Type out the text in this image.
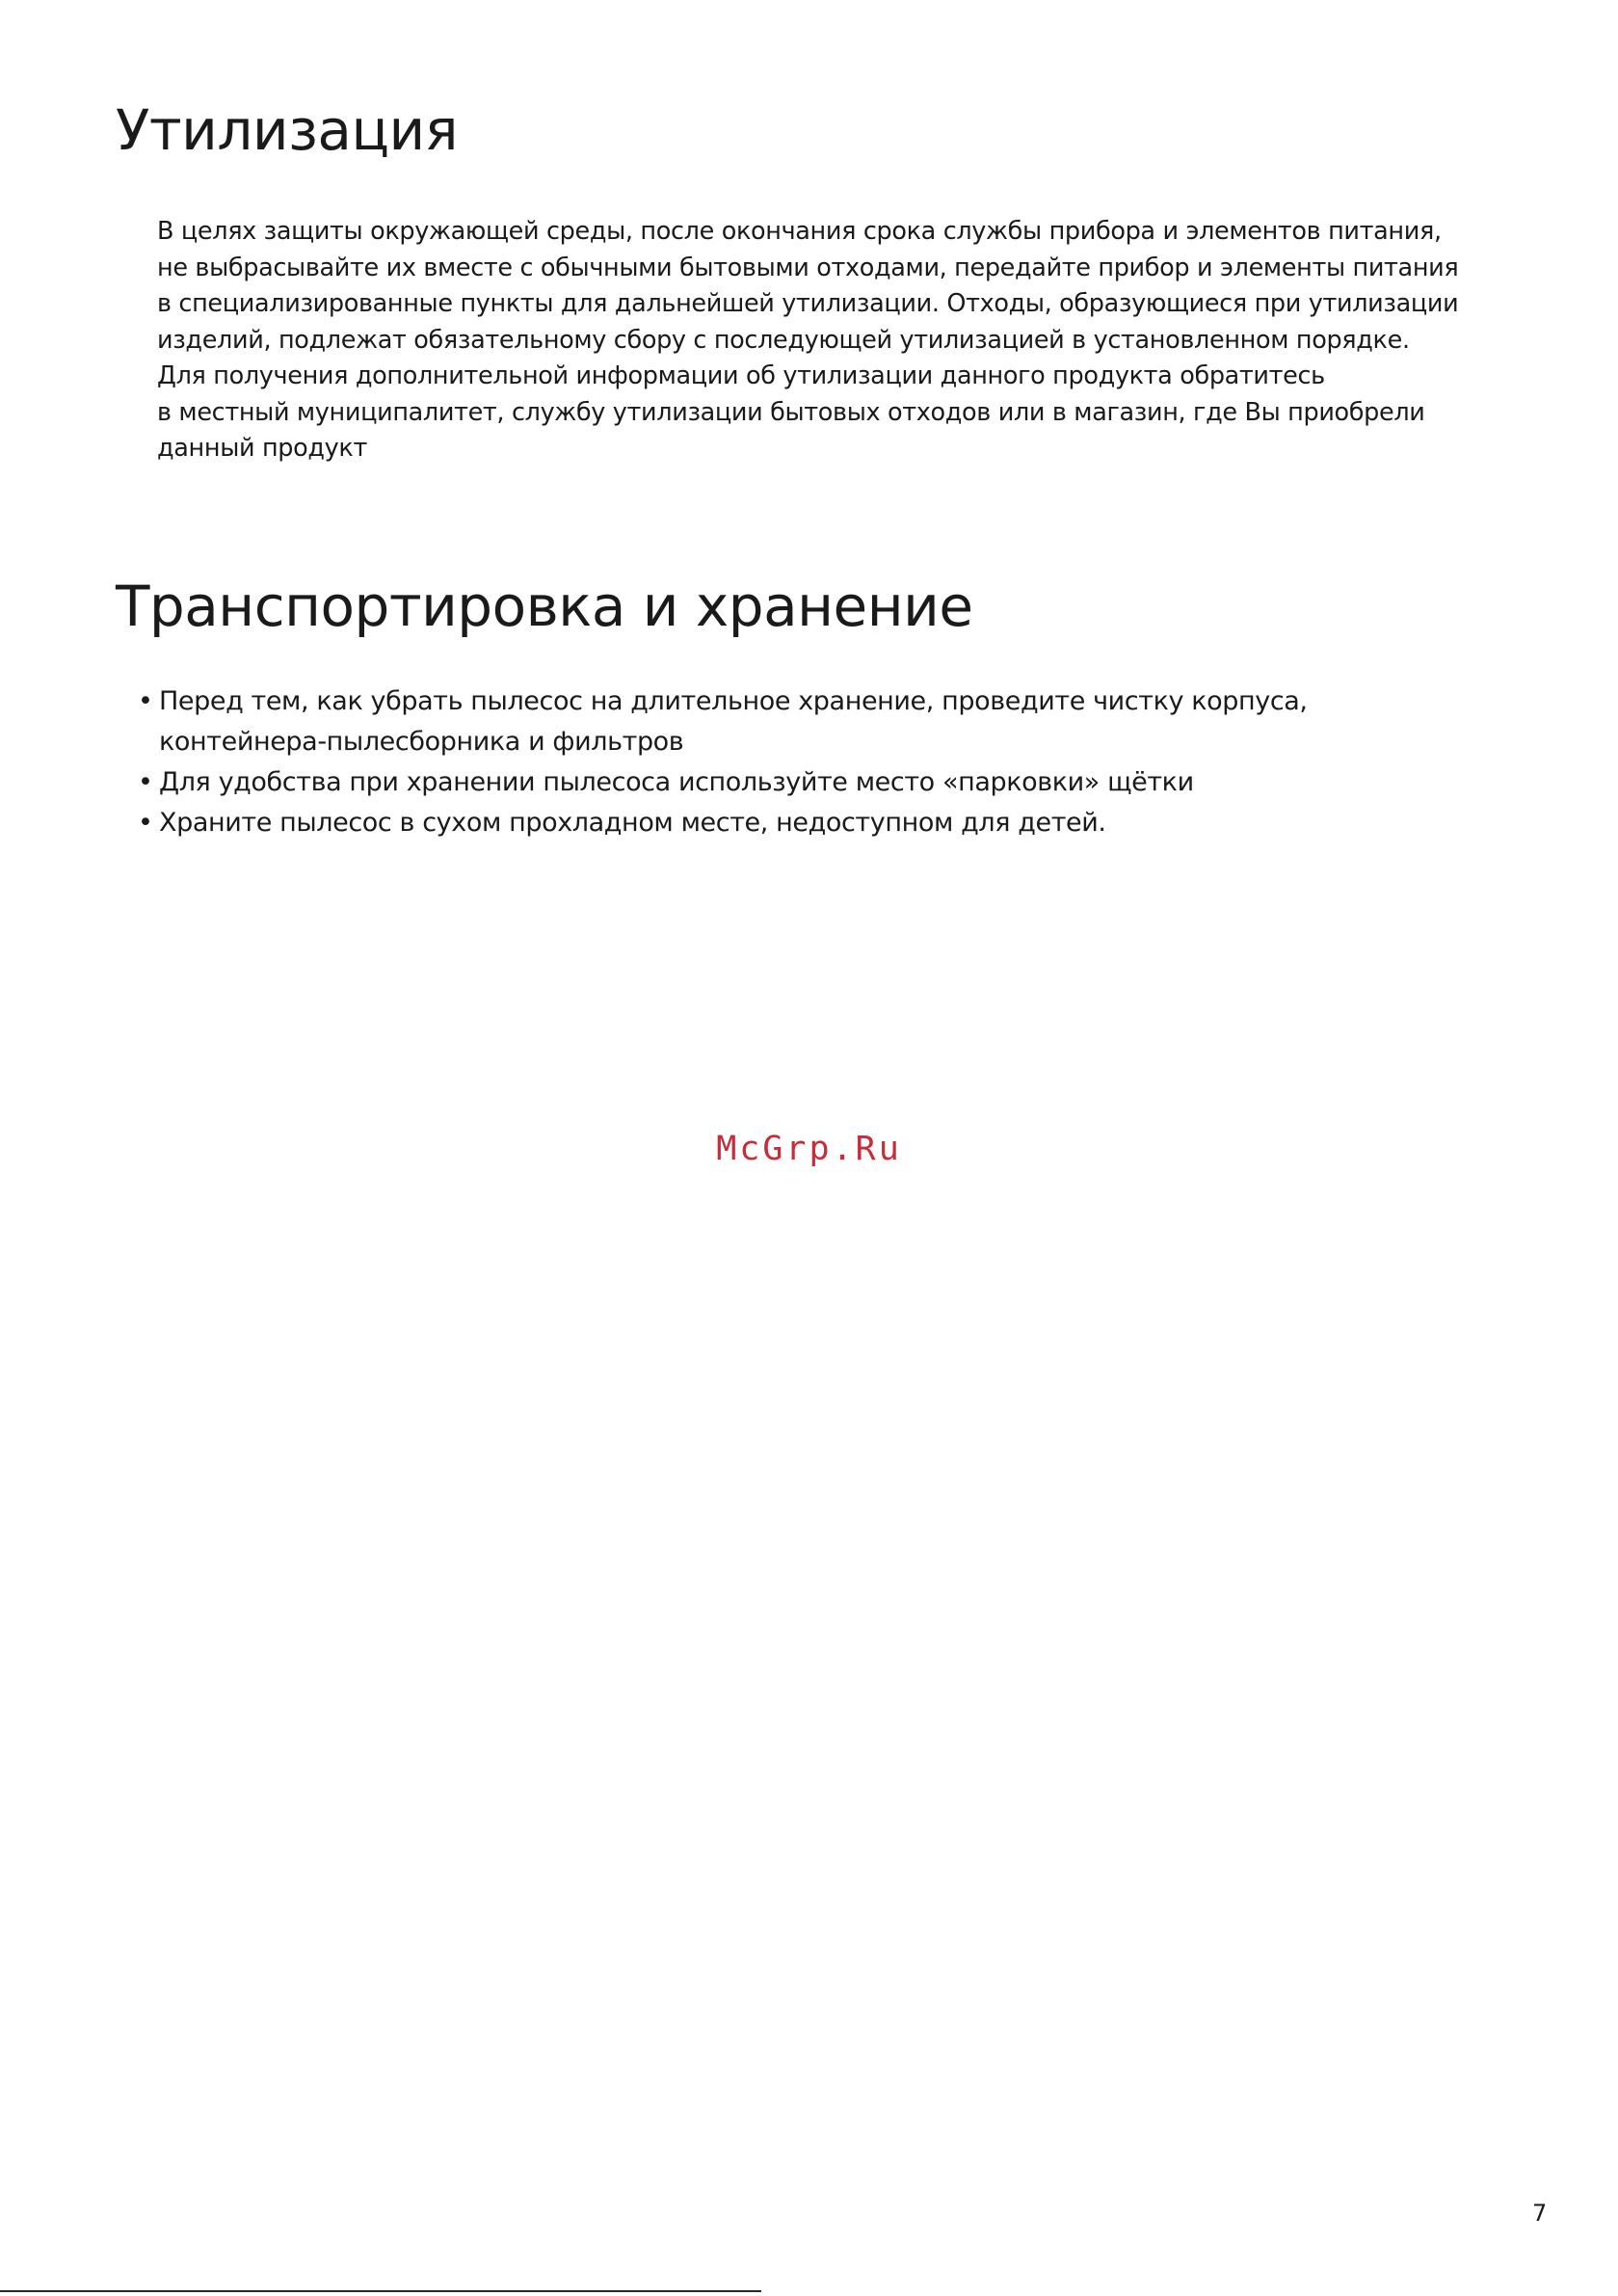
Утилизация

В целях защиты окружающей среды, после окончания срока службы прибора и элементов питания,
не выбрасывайте их вместе с обычными бытовыми отходами, передайте прибор и элементы питания
в специализированные пункты для дальнейшей утилизации. Отходы, образующиеся при утилизации
изделий, подлежат обязательному сбору с последующей утилизацией в установленном порядке.
Для получения дополнительной информации об утилизации данного продукта обратитесь
в местный муниципалитет, службу утилизации бытовых отходов или в магазин, где Вы приобрели
данный продукт

Транспортировка и хранение
• Перед тем, как убрать пылесос на длительное хранение, проведите чистку корпуса,
контейнера-пылесборника и фильтров
• Для удобства при хранении пылесоса используйте место «парковки» щётки
• Храните пылесос в сухом прохладном месте, недоступном для детей.
McGrp.Ru
7
